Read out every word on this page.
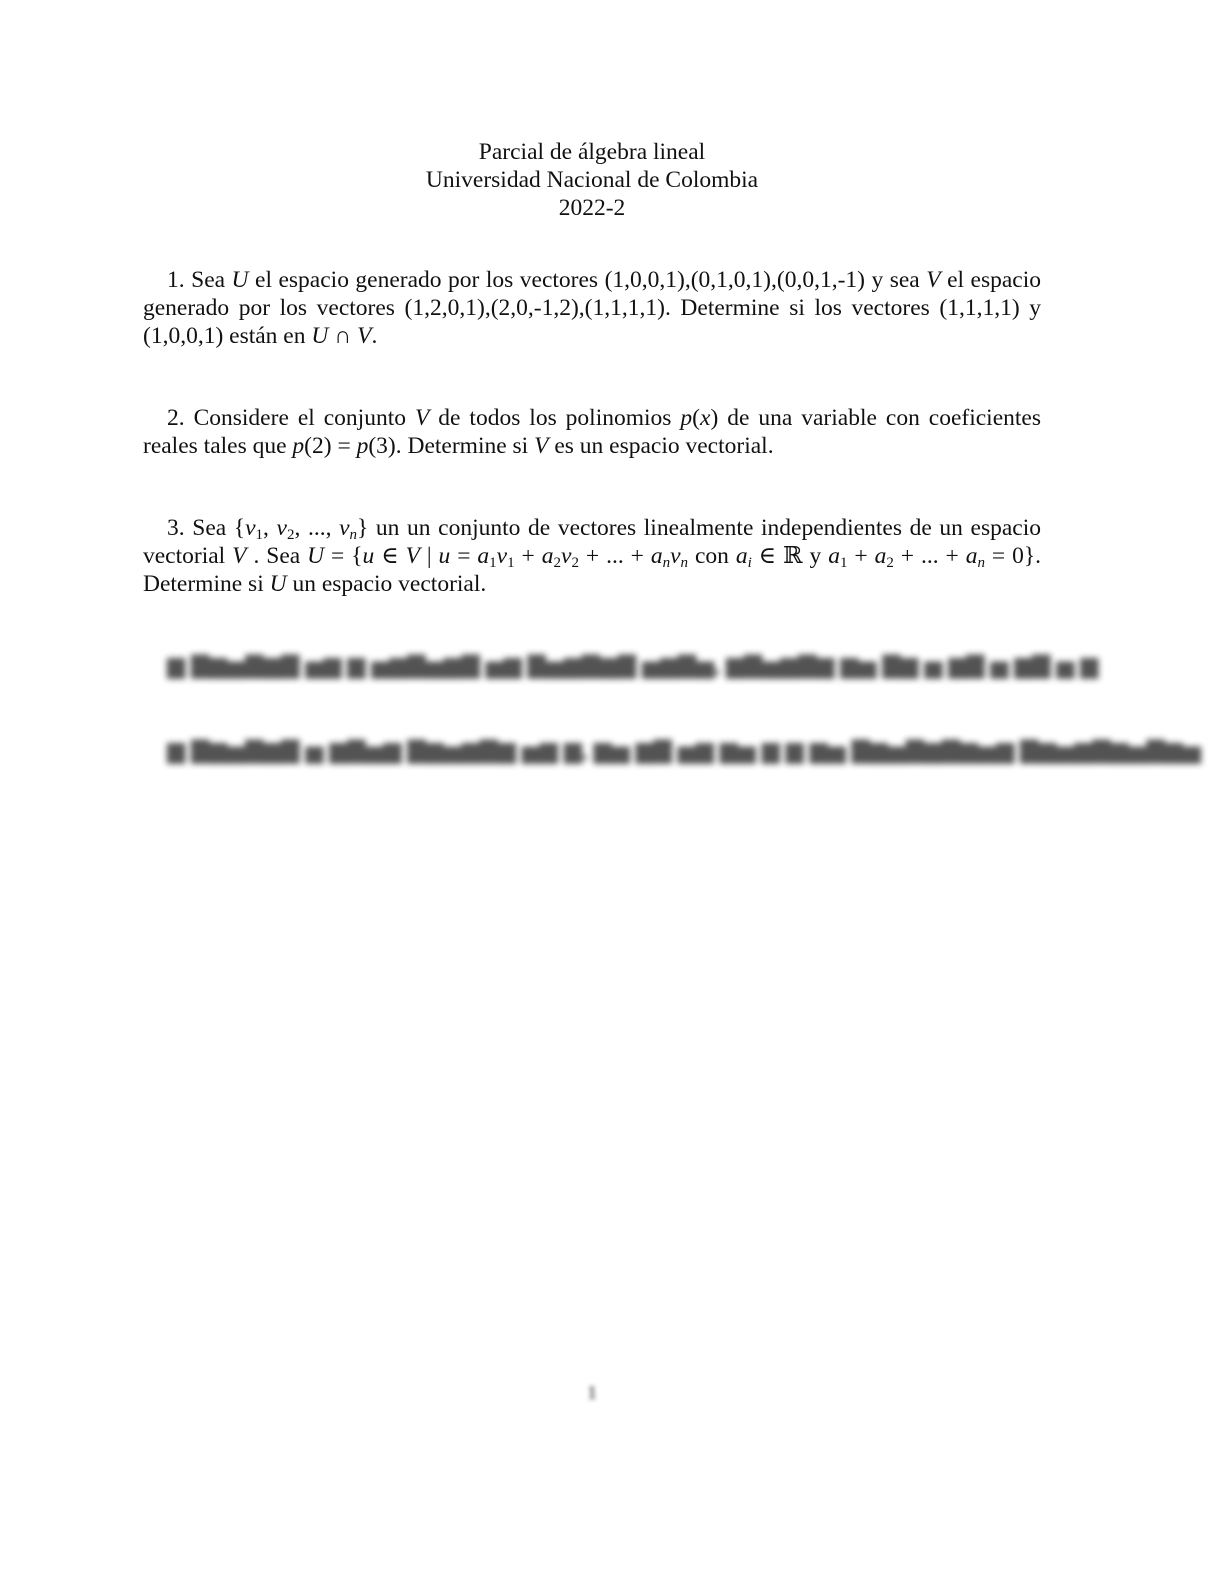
Parcial de álgebra lineal
Universidad Nacional de Colombia
2022-2
1. Sea U el espacio generado por los vectores (1,0,0,1),(0,1,0,1),(0,0,1,-1) y sea V el espacio generado por los vectores (1,2,0,1),(2,0,-1,2),(1,1,1,1). Determine si los vectores (1,1,1,1) y (1,0,0,1) están en U ∩ V.
2. Considere el conjunto V de todos los polinomios p(x) de una variable con coeficientes reales tales que p(2) = p(3). Determine si V es un espacio vectorial.
3. Sea {$v_1$, $v_2$, ..., $v_n$} un un conjunto de vectores linealmente independientes de un espacio vectorial V . Sea U = {u ∈ V | $u = a_1v_1 + a_2v_2$ + ... + $a_nv_n$ con $a_i$ ∈ ℝ y $a_1 + a_2$ + ... + $a_n = 0$}. Determine si U un espacio vectorial.
▆ ▇▆▅▇▆▇ ▅▆ ▆ ▅▆▇▅▆▇ ▅▆ ▇▅▆▇▆▇ ▅▆▇▅, ▆▇▅▆▇▆ ▆▅ ▇▆ ▅ ▆▇ ▅ ▆▇ ▅ ▆
▆ ▇▆▅▇▆▇ ▅ ▆▇▅▆ ▇▆▅▆▇▆ ▅▆ ▆, ▆▅ ▆▇ ▅▆ ▆▅ ▆ ▆ ▆▅ ▇▆▅▇▆▇▆▅▆ ▇▆▅▆▇▆▅▇▆▅
1
